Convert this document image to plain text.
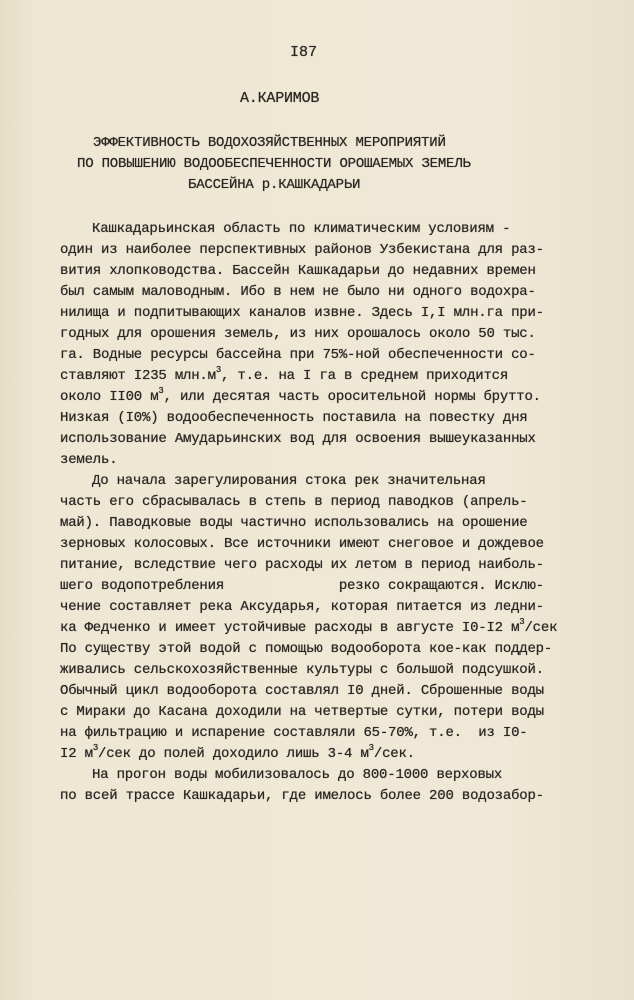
I87
А.КАРИМОВ
ЭФФЕКТИВНОСТЬ ВОДОХОЗЯЙСТВЕННЫХ МЕРОПРИЯТИЙ
ПО ПОВЫШЕНИЮ ВОДООБЕСПЕЧЕННОСТИ ОРОШАЕМЫХ ЗЕМЕЛЬ
БАССЕЙНА р.КАШКАДАРЬИ
Кашкадарьинская область по климатическим условиям -
один из наиболее перспективных районов Узбекистана для раз-
вития хлопководства. Бассейн Кашкадарьи до недавних времен
был самым маловодным. Ибо в нем не было ни одного водохра-
нилища и подпитывающих каналов извне. Здесь I,I млн.га при-
годных для орошения земель, из них орошалось около 50 тыс.
га. Водные ресурсы бассейна при 75%-ной обеспеченности со-
ставляют I235 $млн.м^3$, т.е. на I га в среднем приходится
около II00 $м^3$, или десятая часть оросительной нормы брутто.
Низкая (I0%) водообеспеченность поставила на повестку дня
использование Амударьинских вод для освоения вышеуказанных
земель.
До начала зарегулирования стока рек значительная
часть его сбрасывалась в степь в период паводков (апрель-
май). Паводковые воды частично использовались на орошение
зерновых колосовых. Все источники имеют снеговое и дождевое
питание, вследствие чего расходы их летом в период наиболь-
шего водопотребления              резко сокращаются. Исклю-
чение составляет река Аксударья, которая питается из ледни-
ка Федченко и имеет устойчивые расходы в августе I0-I2 $м^3$/сек
По существу этой водой с помощью водооборота кое-как поддер-
живались сельскохозяйственные культуры с большой подсушкой.
Обычный цикл водооборота составлял I0 дней. Сброшенные воды
с Мираки до Касана доходили на четвертые сутки, потери воды
на фильтрацию и испарение составляли 65-70%, т.е.  из I0-
I2 $м^3$/сек до полей доходило лишь 3-4 $м^3$/сек.
На прогон воды мобилизовалось до 800-1000 верховых
по всей трассе Кашкадарьи, где имелось более 200 водозабор-
